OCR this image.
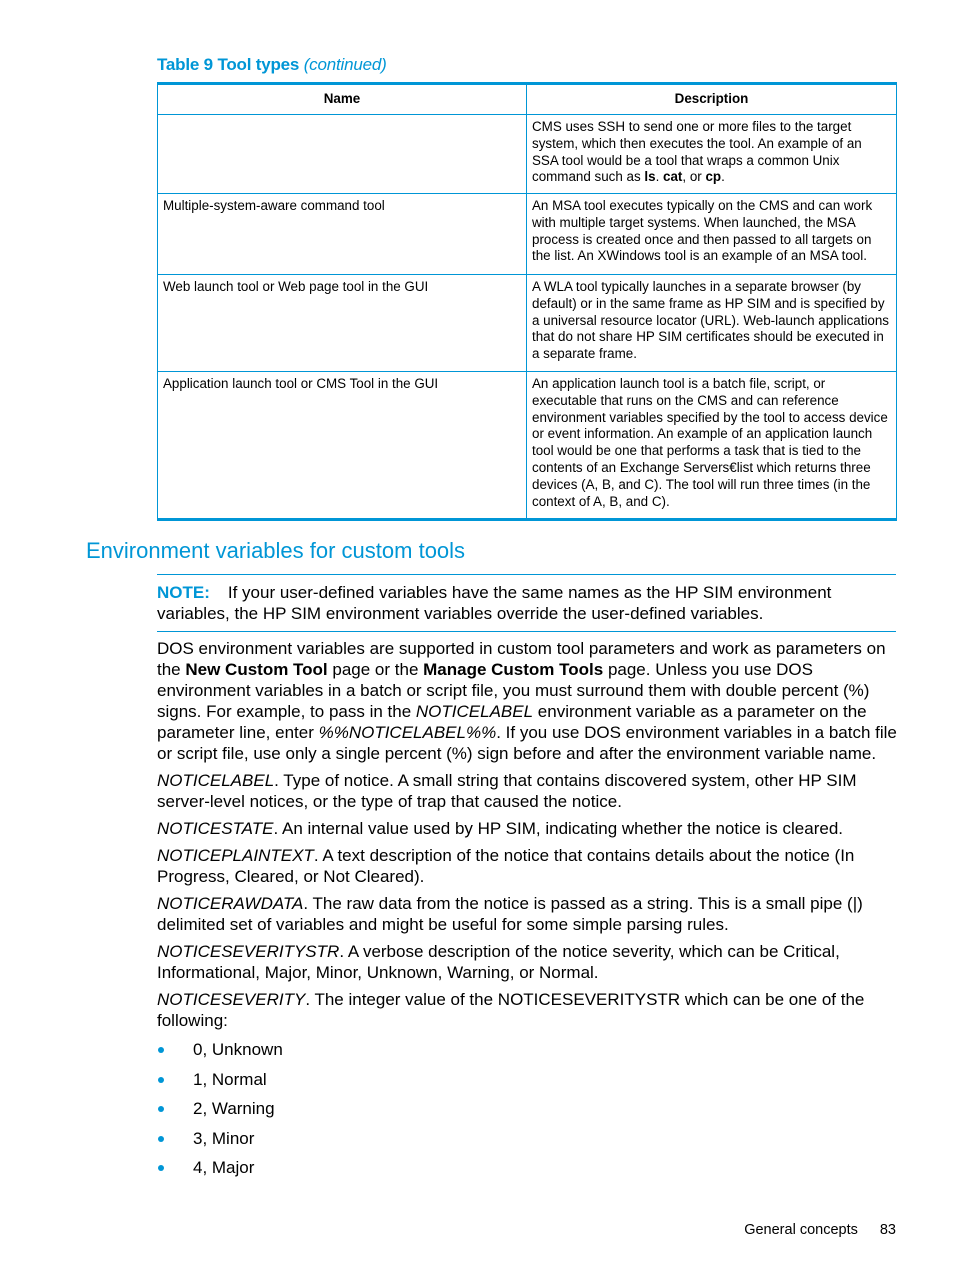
Table 9 Tool types (continued)
Name	Description
	CMS uses SSH to send one or more files to the target system, which then executes the tool. An example of an SSA tool would be a tool that wraps a common Unix command such as ls. cat, or cp.
Multiple-system-aware command tool	An MSA tool executes typically on the CMS and can work with multiple target systems. When launched, the MSA process is created once and then passed to all targets on the list. An XWindows tool is an example of an MSA tool.
Web launch tool or Web page tool in the GUI	A WLA tool typically launches in a separate browser (by default) or in the same frame as HP SIM and is specified by a universal resource locator (URL). Web-launch applications that do not share HP SIM certificates should be executed in a separate frame.
Application launch tool or CMS Tool in the GUI	An application launch tool is a batch file, script, or executable that runs on the CMS and can reference environment variables specified by the tool to access device or event information. An example of an application launch tool would be one that performs a task that is tied to the contents of an Exchange Servers€list which returns three devices (A, B, and C). The tool will run three times (in the context of A, B, and C).
Environment variables for custom tools
NOTE: If your user-defined variables have the same names as the HP SIM environment variables, the HP SIM environment variables override the user-defined variables.

DOS environment variables are supported in custom tool parameters and work as parameters on the New Custom Tool page or the Manage Custom Tools page. Unless you use DOS environment variables in a batch or script file, you must surround them with double percent (%) signs. For example, to pass in the NOTICELABEL environment variable as a parameter on the parameter line, enter %%NOTICELABEL%%. If you use DOS environment variables in a batch file or script file, use only a single percent (%) sign before and after the environment variable name.

NOTICELABEL. Type of notice. A small string that contains discovered system, other HP SIM server-level notices, or the type of trap that caused the notice.

NOTICESTATE. An internal value used by HP SIM, indicating whether the notice is cleared.

NOTICEPLAINTEXT. A text description of the notice that contains details about the notice (In Progress, Cleared, or Not Cleared).

NOTICERAWDATA. The raw data from the notice is passed as a string. This is a small pipe (|) delimited set of variables and might be useful for some simple parsing rules.

NOTICESEVERITYSTR. A verbose description of the notice severity, which can be Critical, Informational, Major, Minor, Unknown, Warning, or Normal.

NOTICESEVERITY. The integer value of the NOTICESEVERITYSTR which can be one of the following:

0, Unknown
1, Normal
2, Warning
3, Minor
4, Major
General concepts 83
